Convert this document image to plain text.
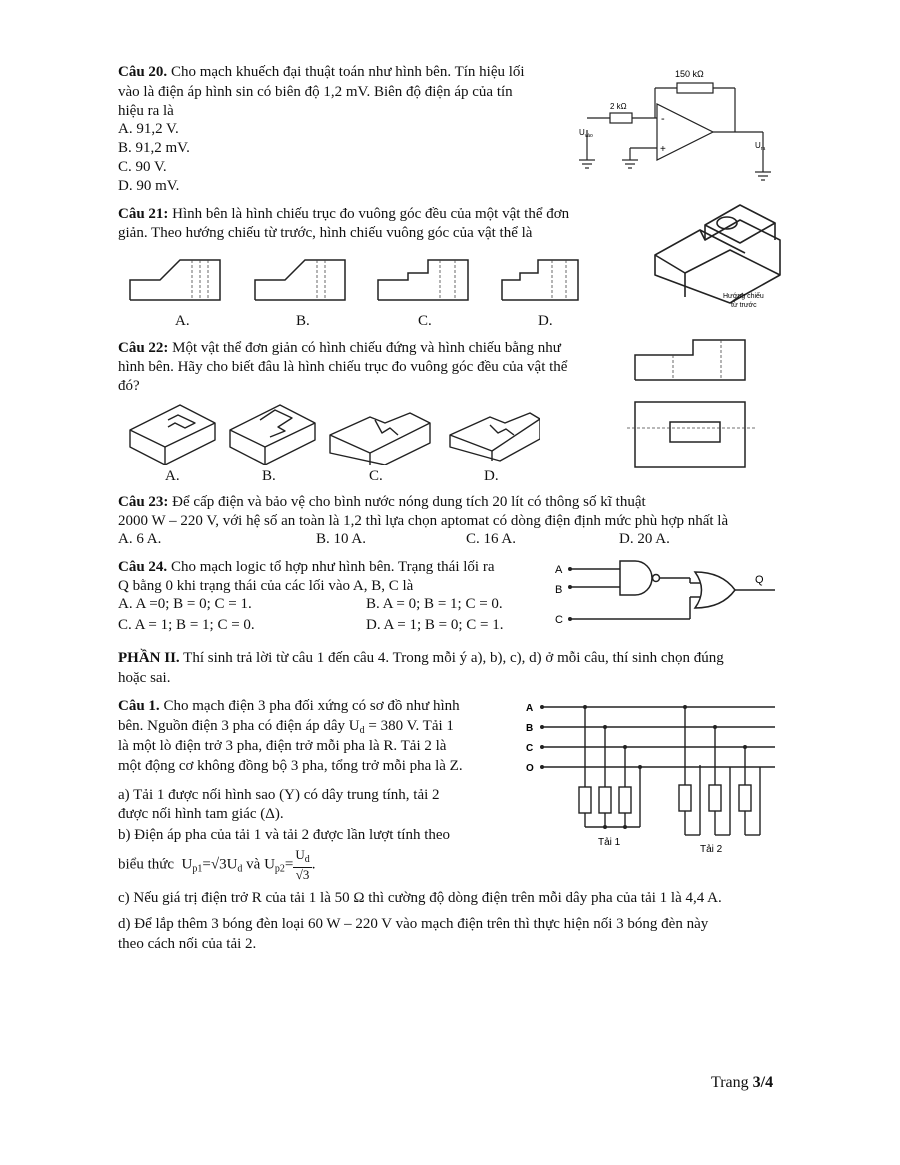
Câu 20. Cho mạch khuếch đại thuật toán như hình bên. Tín hiệu lối
vào là điện áp hình sin có biên độ 1,2 mV. Biên độ điện áp của tín
hiệu ra là
A. 91,2 V.
B. 91,2 mV.
C. 90 V.
D. 90 mV.
150 kΩ
2 kΩ
$U_{vào}$
$U_{ra}$
-
+
Câu 21: Hình bên là hình chiếu trục đo vuông góc đều của một vật thể đơn
giản. Theo hướng chiếu từ trước, hình chiếu vuông góc của vật thể là
A.	B.	C.	D.
Hướng chiếu
từ trước
Câu 22: Một vật thể đơn giản có hình chiếu đứng và hình chiếu bằng như
hình bên. Hãy cho biết đâu là hình chiếu trục đo vuông góc đều của vật thể
đó?
A.	B.	C.	D.
Câu 23: Để cấp điện và bảo vệ cho bình nước nóng dung tích 20 lít có thông số kĩ thuật
2000 W – 220 V, với hệ số an toàn là 1,2 thì lựa chọn aptomat có dòng điện định mức phù hợp nhất là
A. 6 A.	B. 10 A.	C. 16 A.	D. 20 A.
Câu 24. Cho mạch logic tổ hợp như hình bên. Trạng thái lối ra
Q bằng 0 khi trạng thái của các lối vào A, B, C là
A. A =0; B = 0; C = 1.	B. A = 0; B = 1; C = 0.
C. A = 1; B = 1; C = 0.	D. A = 1; B = 0; C = 1.
A
B
C
Q
PHẦN II. Thí sinh trả lời từ câu 1 đến câu 4. Trong mỗi ý a), b), c), d) ở mỗi câu, thí sinh chọn đúng
hoặc sai.
Câu 1. Cho mạch điện 3 pha đối xứng có sơ đồ như hình
bên. Nguồn điện 3 pha có điện áp dây $U_d = 380$ V. Tải 1
là một lò điện trở 3 pha, điện trở mỗi pha là R. Tải 2 là
một động cơ không đồng bộ 3 pha, tổng trở mỗi pha là Z.
a) Tải 1 được nối hình sao (Y) có dây trung tính, tải 2
được nối hình tam giác (Δ).
b) Điện áp pha của tải 1 và tải 2 được lần lượt tính theo
biểu thức $U_{p1}=√3U_d$ và $U_{p2}= \frac{U_d}{√3}$ .
c) Nếu giá trị điện trở R của tải 1 là 50 Ω thì cường độ dòng điện trên mỗi dây pha của tải 1 là 4,4 A.
d) Để lắp thêm 3 bóng đèn loại 60 W – 220 V vào mạch điện trên thì thực hiện nối 3 bóng đèn này
theo cách nối của tải 2.
A
B
C
O
Tải 1
Tải 2
Trang 3/4
